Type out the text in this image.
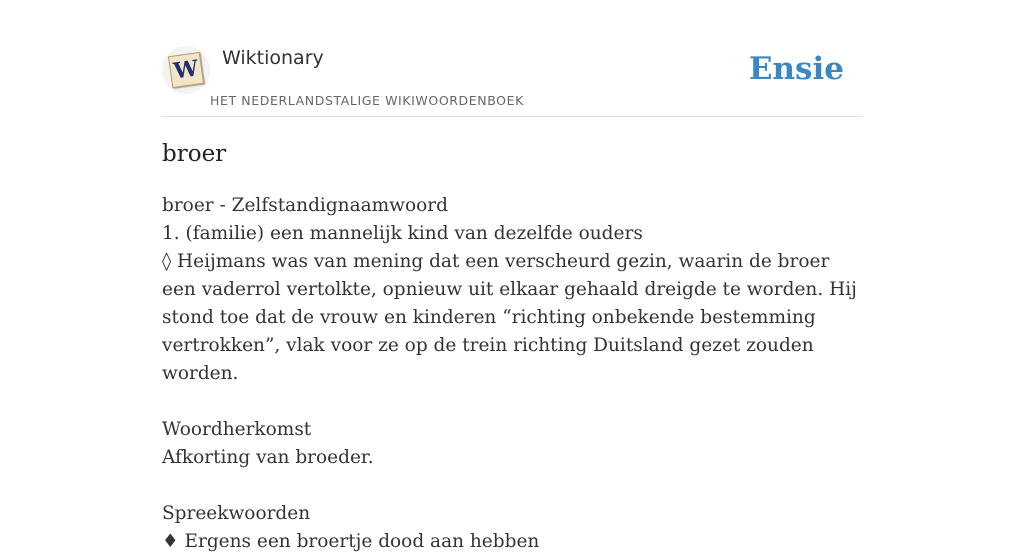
W Wiktionary
HET NEDERLANDSTALIGE WIKIWOORDENBOEK
Ensie
broer
broer - Zelfstandignaamwoord
1. (familie) een mannelijk kind van dezelfde ouders
◊ Heijmans was van mening dat een verscheurd gezin, waarin de broer een vaderrol vertolkte, opnieuw uit elkaar gehaald dreigde te worden. Hij stond toe dat de vrouw en kinderen “richting onbekende bestemming vertrokken”, vlak voor ze op de trein richting Duitsland gezet zouden worden.
Woordherkomst
Afkorting van broeder.
Spreekwoorden
♦ Ergens een broertje dood aan hebben
